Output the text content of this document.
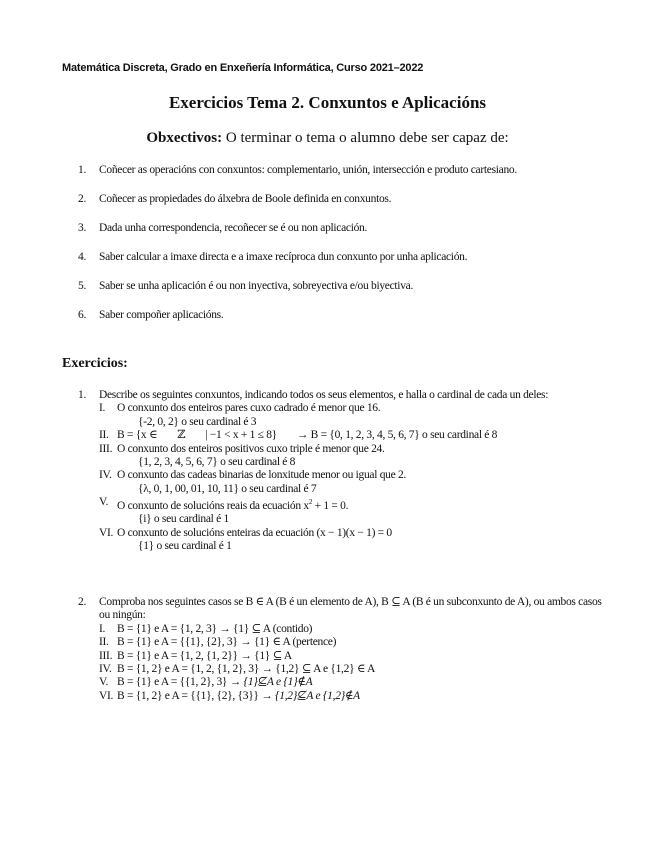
Matemática Discreta, Grado en Enxeñería Informática, Curso 2021–2022
Exercicios Tema 2. Conxuntos e Aplicacións
Obxectivos: O terminar o tema o alumno debe ser capaz de:
1.	Coñecer as operacións con conxuntos: complementario, unión, intersección e produto cartesiano.
2.	Coñecer as propiedades do álxebra de Boole definida en conxuntos.
3.	Dada unha correspondencia, recoñecer se é ou non aplicación.
4.	Saber calcular a imaxe directa e a imaxe recíproca dun conxunto por unha aplicación.
5.	Saber se unha aplicación é ou non inyectiva, sobreyectiva e/ou biyectiva.
6.	Saber compoñer aplicacións.
Exercicios:
1.	Describe os seguintes conxuntos, indicando todos os seus elementos, e halla o cardinal de cada un deles:
I.	O conxunto dos enteiros pares cuxo cadrado é menor que 16.
{-2, 0, 2} o seu cardinal é 3
II. B = {x ∈ ℤ | −1 < x + 1 ≤ 8} → B = {0, 1, 2, 3, 4, 5, 6, 7} o seu cardinal é 8
III. O conxunto dos enteiros positivos cuxo triple é menor que 24.
{1, 2, 3, 4, 5, 6, 7} o seu cardinal é 8
IV. O conxunto das cadeas binarias de lonxitude menor ou igual que 2.
{λ, 0, 1, 00, 01, 10, 11} o seu cardinal é 7
V. O conxunto de solucións reais da ecuación $x^2 + 1 = 0$.
{i} o seu cardinal é 1
VI. O conxunto de solucións enteiras da ecuación (x − 1)(x − 1) = 0
{1} o seu cardinal é 1
2.	Comproba nos seguintes casos se B ∈ A (B é un elemento de A), B ⊆ A (B é un subconxunto de A), ou ambos casos ou ningún:
I.	B = {1} e A = {1, 2, 3} → {1} ⊆ A (contido)
II. B = {1} e A = {{1}, {2}, 3} → {1} ∈ A (pertence)
III. B = {1} e A = {1, 2, {1, 2}} → {1} ⊆ A
IV. B = {1, 2} e A = {1, 2, {1, 2}, 3} → {1,2} ⊆ A e {1,2} ∈ A
V. B = {1} e A = {{1, 2}, 3} → {1}⊈A e {1}∉A
VI. B = {1, 2} e A = {{1}, {2}, {3}} → {1,2}⊈A e {1,2}∉A
